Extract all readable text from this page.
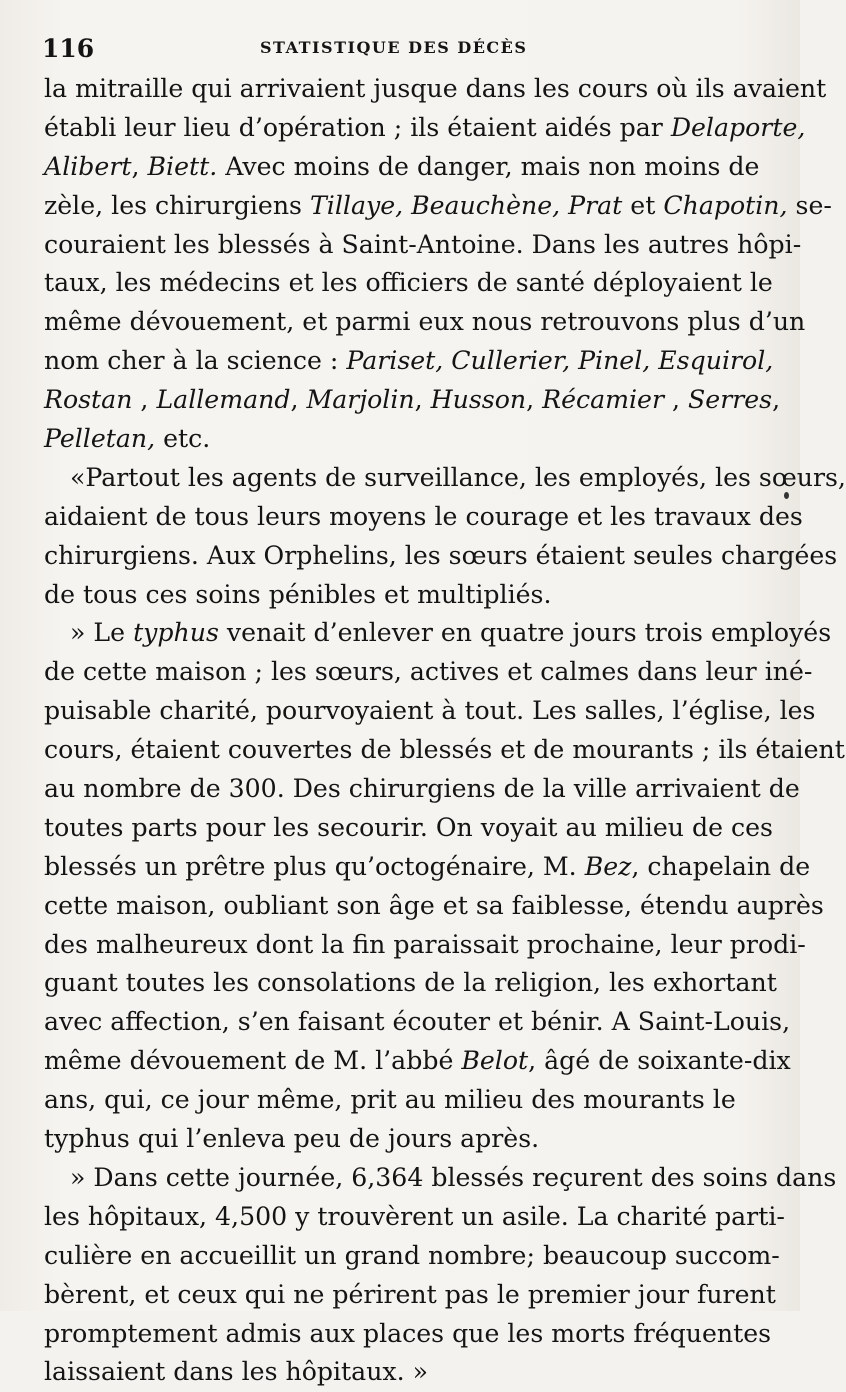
116	STATISTIQUE DES DÉCÈS
la mitraille qui arrivaient jusque dans les cours où ils avaient
établi leur lieu d’opération ; ils étaient aidés par Delaporte,
Alibert, Biett. Avec moins de danger, mais non moins de
zèle, les chirurgiens Tillaye, Beauchène, Prat et Chapotin, se-
couraient les blessés à Saint-Antoine. Dans les autres hôpi-
taux, les médecins et les officiers de santé déployaient le
même dévouement, et parmi eux nous retrouvons plus d’un
nom cher à la science : Pariset, Cullerier, Pinel, Esquirol,
Rostan , Lallemand, Marjolin, Husson, Récamier , Serres,
Pelletan, etc.
«Partout les agents de surveillance, les employés, les sœurs,
aidaient de tous leurs moyens le courage et les travaux des
chirurgiens. Aux Orphelins, les sœurs étaient seules chargées
de tous ces soins pénibles et multipliés.
» Le typhus venait d’enlever en quatre jours trois employés
de cette maison ; les sœurs, actives et calmes dans leur iné-
puisable charité, pourvoyaient à tout. Les salles, l’église, les
cours, étaient couvertes de blessés et de mourants ; ils étaient
au nombre de 300. Des chirurgiens de la ville arrivaient de
toutes parts pour les secourir. On voyait au milieu de ces
blessés un prêtre plus qu’octogénaire, M. Bez, chapelain de
cette maison, oubliant son âge et sa faiblesse, étendu auprès
des malheureux dont la fin paraissait prochaine, leur prodi-
guant toutes les consolations de la religion, les exhortant
avec affection, s’en faisant écouter et bénir. A Saint-Louis,
même dévouement de M. l’abbé Belot, âgé de soixante-dix
ans, qui, ce jour même, prit au milieu des mourants le
typhus qui l’enleva peu de jours après.
» Dans cette journée, 6,364 blessés reçurent des soins dans
les hôpitaux, 4,500 y trouvèrent un asile. La charité parti-
culière en accueillit un grand nombre; beaucoup succom-
bèrent, et ceux qui ne périrent pas le premier jour furent
promptement admis aux places que les morts fréquentes
laissaient dans les hôpitaux. »
